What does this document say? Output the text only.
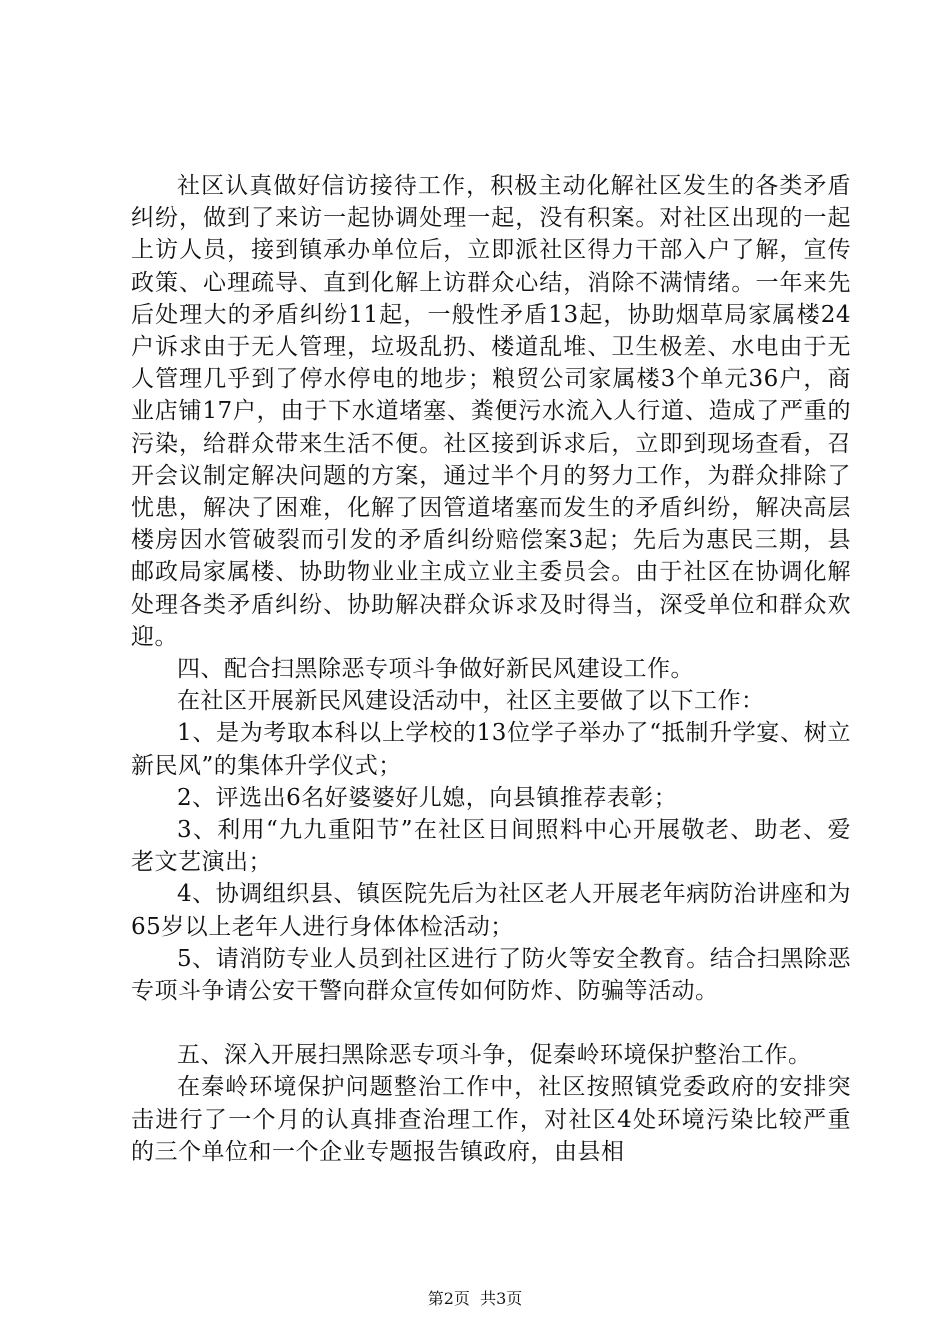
社区认真做好信访接待工作，积极主动化解社区发生的各类矛盾纠纷，做到了来访一起协调处理一起，没有积案。对社区出现的一起上访人员，接到镇承办单位后，立即派社区得力干部入户了解，宣传政策、心理疏导、直到化解上访群众心结，消除不满情绪。一年来先后处理大的矛盾纠纷11起，一般性矛盾13起，协助烟草局家属楼24户诉求由于无人管理，垃圾乱扔、楼道乱堆、卫生极差、水电由于无人管理几乎到了停水停电的地步；粮贸公司家属楼3个单元36户，商业店铺17户，由于下水道堵塞、粪便污水流入人行道、造成了严重的污染，给群众带来生活不便。社区接到诉求后，立即到现场查看，召开会议制定解决问题的方案，通过半个月的努力工作，为群众排除了忧患，解决了困难，化解了因管道堵塞而发生的矛盾纠纷，解决高层楼房因水管破裂而引发的矛盾纠纷赔偿案3起；先后为惠民三期，县邮政局家属楼、协助物业业主成立业主委员会。由于社区在协调化解处理各类矛盾纠纷、协助解决群众诉求及时得当，深受单位和群众欢迎。

四、配合扫黑除恶专项斗争做好新民风建设工作。

在社区开展新民风建设活动中，社区主要做了以下工作：

1、是为考取本科以上学校的13位学子举办了“抵制升学宴、树立新民风”的集体升学仪式；

2、评选出6名好婆婆好儿媳，向县镇推荐表彰；

3、利用“九九重阳节”在社区日间照料中心开展敬老、助老、爱老文艺演出；

4、协调组织县、镇医院先后为社区老人开展老年病防治讲座和为65岁以上老年人进行身体体检活动；

5、请消防专业人员到社区进行了防火等安全教育。结合扫黑除恶专项斗争请公安干警向群众宣传如何防炸、防骗等活动。

五、深入开展扫黑除恶专项斗争，促秦岭环境保护整治工作。

在秦岭环境保护问题整治工作中，社区按照镇党委政府的安排突击进行了一个月的认真排查治理工作，对社区4处环境污染比较严重的三个单位和一个企业专题报告镇政府，由县相

第2页  共3页
